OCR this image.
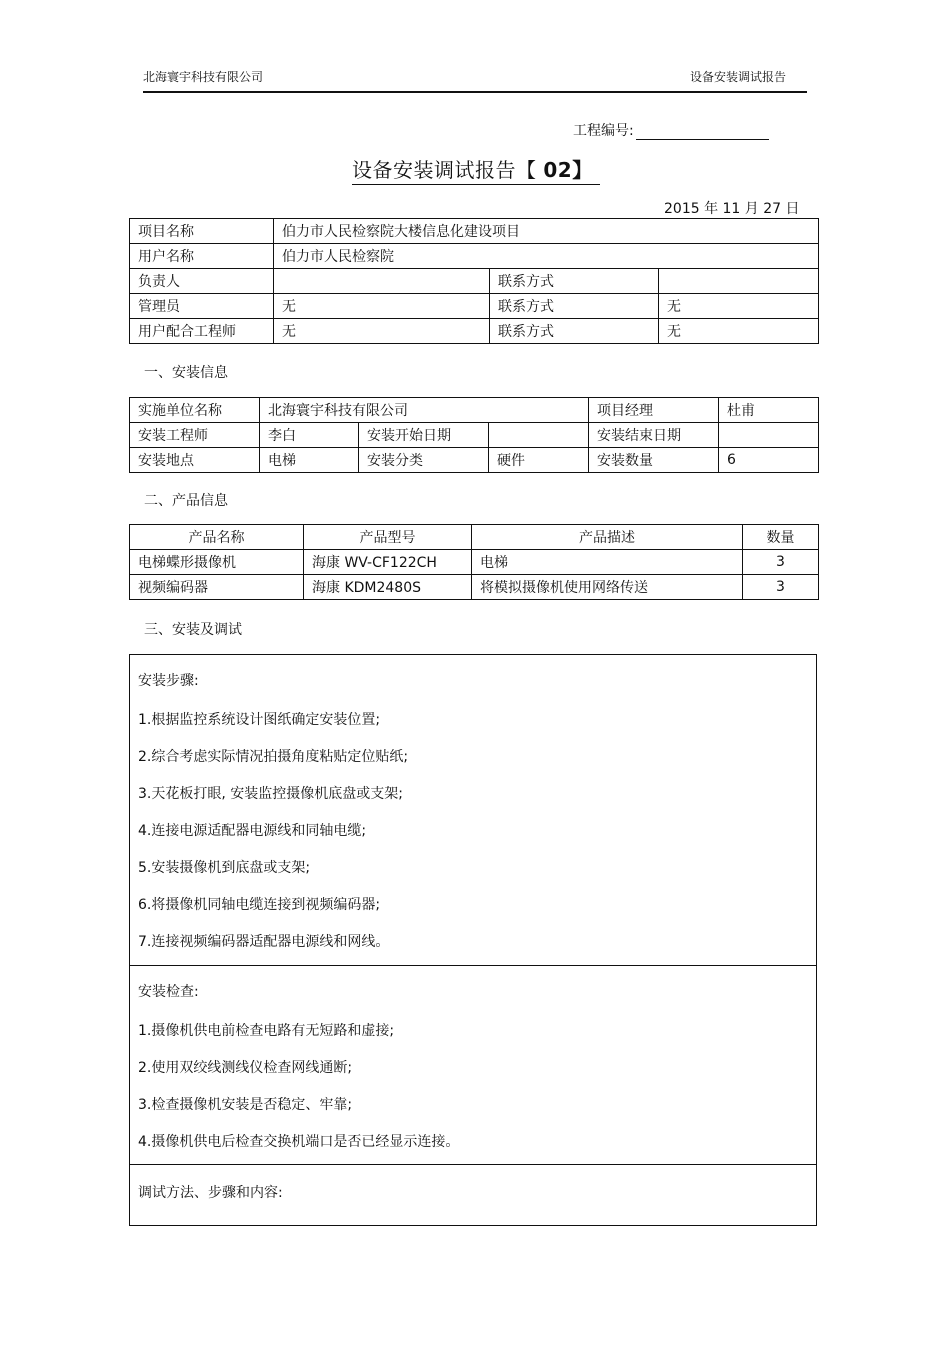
北海寰宇科技有限公司	设备安装调试报告
工程编号:
设备安装调试报告【 02】
2015 年 11 月 27 日
项目名称	伯力市人民检察院大楼信息化建设项目		
用户名称	伯力市人民检察院		
负责人		联系方式	
管理员	无	联系方式	无
用户配合工程师	无	联系方式	无
一、安装信息
实施单位名称	北海寰宇科技有限公司			项目经理	杜甫
安装工程师	李白	安装开始日期		安装结束日期	
安装地点	电梯	安装分类	硬件	安装数量	6
二、产品信息
产品名称	产品型号	产品描述	数量
电梯蝶形摄像机	海康 WV-CF122CH	电梯	3
视频编码器	海康 KDM2480S	将模拟摄像机使用网络传送	3
三、安装及调试

安装步骤:

1.根据监控系统设计图纸确定安装位置;

2.综合考虑实际情况拍摄角度粘贴定位贴纸;

3.天花板打眼, 安装监控摄像机底盘或支架;

4.连接电源适配器电源线和同轴电缆;

5.安装摄像机到底盘或支架;

6.将摄像机同轴电缆连接到视频编码器;

7.连接视频编码器适配器电源线和网线。

安装检查:

1.摄像机供电前检查电路有无短路和虚接;

2.使用双绞线测线仪检查网线通断;

3.检查摄像机安装是否稳定、牢靠;

4.摄像机供电后检查交换机端口是否已经显示连接。

调试方法、步骤和内容:
